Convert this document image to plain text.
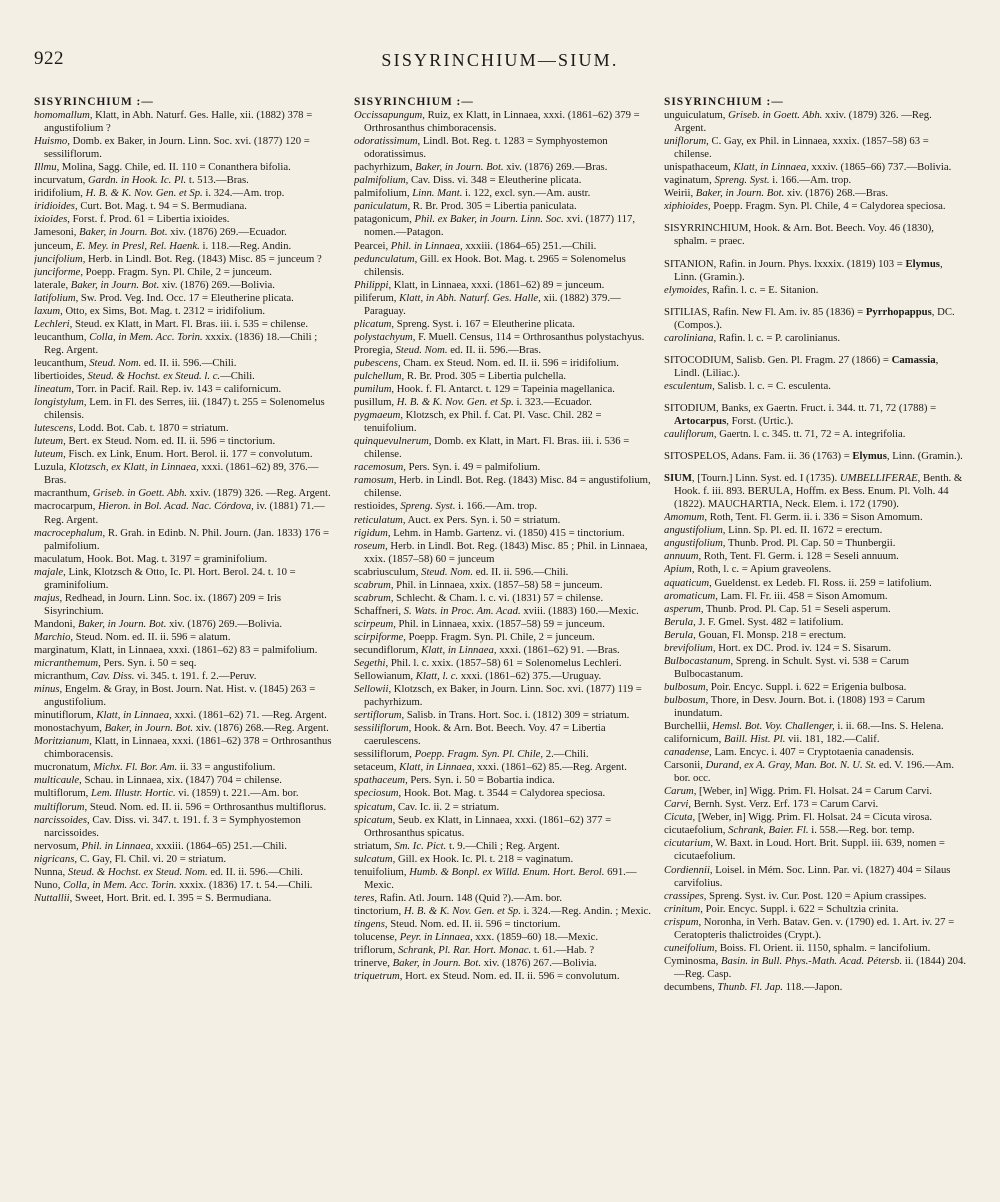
922	SISYRINCHIUM—SIUM.
SISYRINCHIUM :—
homomallum, Klatt, in Abh. Naturf. Ges. Halle, xii. (1882) 378 = angustifolium ?
Huismo, Domb. ex Baker, in Journ. Linn. Soc. xvi. (1877) 120 = sessiliflorum.
Illmu, Molina, Sagg. Chile, ed. II. 110 = Conanthera bifolia.
incurvatum, Gardn. in Hook. Ic. Pl. t. 513.—Bras.
iridifolium, H. B. & K. Nov. Gen. et Sp. i. 324.—Am. trop.
iridioides, Curt. Bot. Mag. t. 94 = S. Bermudiana.
ixioides, Forst. f. Prod. 61 = Libertia ixioides.
Jamesoni, Baker, in Journ. Bot. xiv. (1876) 269.—Ecuador.
junceum, E. Mey. in Presl, Rel. Haenk. i. 118.—Reg. Andin.
juncifolium, Herb. in Lindl. Bot. Reg. (1843) Misc. 85 = junceum ?
junciforme, Poepp. Fragm. Syn. Pl. Chile, 2 = junceum.
laterale, Baker, in Journ. Bot. xiv. (1876) 269.—Bolivia.
latifolium, Sw. Prod. Veg. Ind. Occ. 17 = Eleutherine plicata.
laxum, Otto, ex Sims, Bot. Mag. t. 2312 = iridifolium.
Lechleri, Steud. ex Klatt, in Mart. Fl. Bras. iii. i. 535 = chilense.
leucanthum, Colla, in Mem. Acc. Torin. xxxix. (1836) 18.—Chili ; Reg. Argent.
leucanthum, Steud. Nom. ed. II. ii. 596.—Chili.
libertioides, Steud. & Hochst. ex Steud. l. c.—Chili.
lineatum, Torr. in Pacif. Rail. Rep. iv. 143 = californicum.
longistylum, Lem. in Fl. des Serres, iii. (1847) t. 255 = Solenomelus chilensis.
lutescens, Lodd. Bot. Cab. t. 1870 = striatum.
luteum, Bert. ex Steud. Nom. ed. II. ii. 596 = tinctorium.
luteum, Fisch. ex Link, Enum. Hort. Berol. ii. 177 = convolutum.
Luzula, Klotzsch, ex Klatt, in Linnaea, xxxi. (1861–62) 89, 376.—Bras.
macranthum, Griseb. in Goett. Abh. xxiv. (1879) 326. —Reg. Argent.
macrocarpum, Hieron. in Bol. Acad. Nac. Córdova, iv. (1881) 71.—Reg. Argent.
macrocephalum, R. Grah. in Edinb. N. Phil. Journ. (Jan. 1833) 176 = palmifolium.
maculatum, Hook. Bot. Mag. t. 3197 = graminifolium.
majale, Link, Klotzsch & Otto, Ic. Pl. Hort. Berol. 24. t. 10 = graminifolium.
majus, Redhead, in Journ. Linn. Soc. ix. (1867) 209 = Iris Sisyrinchium.
Mandoni, Baker, in Journ. Bot. xiv. (1876) 269.—Bolivia.
Marchio, Steud. Nom. ed. II. ii. 596 = alatum.
marginatum, Klatt, in Linnaea, xxxi. (1861–62) 83 = palmifolium.
micranthemum, Pers. Syn. i. 50 = seq.
micranthum, Cav. Diss. vi. 345. t. 191. f. 2.—Peruv.
minus, Engelm. & Gray, in Bost. Journ. Nat. Hist. v. (1845) 263 = angustifolium.
minutiflorum, Klatt, in Linnaea, xxxi. (1861–62) 71. —Reg. Argent.
monostachyum, Baker, in Journ. Bot. xiv. (1876) 268.—Reg. Argent.
Moritzianum, Klatt, in Linnaea, xxxi. (1861–62) 378 = Orthrosanthus chimboracensis.
mucronatum, Michx. Fl. Bor. Am. ii. 33 = angustifolium.
multicaule, Schau. in Linnaea, xix. (1847) 704 = chilense.
multiflorum, Lem. Illustr. Hortic. vi. (1859) t. 221.—Am. bor.
multiflorum, Steud. Nom. ed. II. ii. 596 = Orthrosanthus multiflorus.
narcissoides, Cav. Diss. vi. 347. t. 191. f. 3 = Symphyostemon narcissoides.
nervosum, Phil. in Linnaea, xxxiii. (1864–65) 251.—Chili.
nigricans, C. Gay, Fl. Chil. vi. 20 = striatum.
Nunna, Steud. & Hochst. ex Steud. Nom. ed. II. ii. 596.—Chili.
Nuno, Colla, in Mem. Acc. Torin. xxxix. (1836) 17. t. 54.—Chili.
Nuttallii, Sweet, Hort. Brit. ed. I. 395 = S. Bermudiana.
SISYRINCHIUM :—
Occissapungum, Ruiz, ex Klatt, in Linnaea, xxxi. (1861–62) 379 = Orthrosanthus chimboracensis.
odoratissimum, Lindl. Bot. Reg. t. 1283 = Symphyostemon odoratissimus.
pachyrhizum, Baker, in Journ. Bot. xiv. (1876) 269.—Bras.
palmifolium, Cav. Diss. vi. 348 = Eleutherine plicata.
palmifolium, Linn. Mant. i. 122, excl. syn.—Am. austr.
paniculatum, R. Br. Prod. 305 = Libertia paniculata.
patagonicum, Phil. ex Baker, in Journ. Linn. Soc. xvi. (1877) 117, nomen.—Patagon.
Pearcei, Phil. in Linnaea, xxxiii. (1864–65) 251.—Chili.
pedunculatum, Gill. ex Hook. Bot. Mag. t. 2965 = Solenomelus chilensis.
Philippi, Klatt, in Linnaea, xxxi. (1861–62) 89 = junceum.
piliferum, Klatt, in Abh. Naturf. Ges. Halle, xii. (1882) 379.—Paraguay.
plicatum, Spreng. Syst. i. 167 = Eleutherine plicata.
polystachyum, F. Muell. Census, 114 = Orthrosanthus polystachyus.
Proregia, Steud. Nom. ed. II. ii. 596.—Bras.
pubescens, Cham. ex Steud. Nom. ed. II. ii. 596 = iridifolium.
pulchellum, R. Br. Prod. 305 = Libertia pulchella.
pumilum, Hook. f. Fl. Antarct. t. 129 = Tapeinia magellanica.
pusillum, H. B. & K. Nov. Gen. et Sp. i. 323.—Ecuador.
pygmaeum, Klotzsch, ex Phil. f. Cat. Pl. Vasc. Chil. 282 = tenuifolium.
quinquevulnerum, Domb. ex Klatt, in Mart. Fl. Bras. iii. i. 536 = chilense.
racemosum, Pers. Syn. i. 49 = palmifolium.
ramosum, Herb. in Lindl. Bot. Reg. (1843) Misc. 84 = angustifolium, chilense.
restioides, Spreng. Syst. i. 166.—Am. trop.
reticulatum, Auct. ex Pers. Syn. i. 50 = striatum.
rigidum, Lehm. in Hamb. Gartenz. vi. (1850) 415 = tinctorium.
roseum, Herb. in Lindl. Bot. Reg. (1843) Misc. 85 ; Phil. in Linnaea, xxix. (1857–58) 60 = junceum
scabriusculum, Steud. Nom. ed. II. ii. 596.—Chili.
scabrum, Phil. in Linnaea, xxix. (1857–58) 58 = junceum.
scabrum, Schlecht. & Cham. l. c. vi. (1831) 57 = chilense.
Schaffneri, S. Wats. in Proc. Am. Acad. xviii. (1883) 160.—Mexic.
scirpeum, Phil. in Linnaea, xxix. (1857–58) 59 = junceum.
scirpiforme, Poepp. Fragm. Syn. Pl. Chile, 2 = junceum.
secundiflorum, Klatt, in Linnaea, xxxi. (1861–62) 91. —Bras.
Segethi, Phil. l. c. xxix. (1857–58) 61 = Solenomelus Lechleri.
Sellowianum, Klatt, l. c. xxxi. (1861–62) 375.—Uruguay.
Sellowii, Klotzsch, ex Baker, in Journ. Linn. Soc. xvi. (1877) 119 = pachyrhizum.
sertiflorum, Salisb. in Trans. Hort. Soc. i. (1812) 309 = striatum.
sessiliflorum, Hook. & Arn. Bot. Beech. Voy. 47 = Libertia caerulescens.
sessiliflorum, Poepp. Fragm. Syn. Pl. Chile, 2.—Chili.
setaceum, Klatt, in Linnaea, xxxi. (1861–62) 85.—Reg. Argent.
spathaceum, Pers. Syn. i. 50 = Bobartia indica.
speciosum, Hook. Bot. Mag. t. 3544 = Calydorea speciosa.
spicatum, Cav. Ic. ii. 2 = striatum.
spicatum, Seub. ex Klatt, in Linnaea, xxxi. (1861–62) 377 = Orthrosanthus spicatus.
striatum, Sm. Ic. Pict. t. 9.—Chili ; Reg. Argent.
sulcatum, Gill. ex Hook. Ic. Pl. t. 218 = vaginatum.
tenuifolium, Humb. & Bonpl. ex Willd. Enum. Hort. Berol. 691.—Mexic.
teres, Rafin. Atl. Journ. 148 (Quid ?).—Am. bor.
tinctorium, H. B. & K. Nov. Gen. et Sp. i. 324.—Reg. Andin. ; Mexic.
tingens, Steud. Nom. ed. II. ii. 596 = tinctorium.
tolucense, Peyr. in Linnaea, xxx. (1859–60) 18.—Mexic.
triflorum, Schrank, Pl. Rar. Hort. Monac. t. 61.—Hab. ?
trinerve, Baker, in Journ. Bot. xiv. (1876) 267.—Bolivia.
triquetrum, Hort. ex Steud. Nom. ed. II. ii. 596 = convolutum.
SISYRINCHIUM :—
unguiculatum, Griseb. in Goett. Abh. xxiv. (1879) 326. —Reg. Argent.
uniflorum, C. Gay, ex Phil. in Linnaea, xxxix. (1857–58) 63 = chilense.
unispathaceum, Klatt, in Linnaea, xxxiv. (1865–66) 737.—Bolivia.
vaginatum, Spreng. Syst. i. 166.—Am. trop.
Weirii, Baker, in Journ. Bot. xiv. (1876) 268.—Bras.
xiphioides, Poepp. Fragm. Syn. Pl. Chile, 4 = Calydorea speciosa.
SISYRRINCHIUM, Hook. & Arn. Bot. Beech. Voy. 46 (1830), sphalm. = praec.
SITANION, Rafin. in Journ. Phys. lxxxix. (1819) 103 = Elymus, Linn. (Gramin.).
elymoides, Rafin. l. c. = E. Sitanion.
SITILIAS, Rafin. New Fl. Am. iv. 85 (1836) = Pyrrhopappus, DC. (Compos.).
caroliniana, Rafin. l. c. = P. carolinianus.
SITOCODIUM, Salisb. Gen. Pl. Fragm. 27 (1866) = Camassia, Lindl. (Liliac.).
esculentum, Salisb. l. c. = C. esculenta.
SITODIUM, Banks, ex Gaertn. Fruct. i. 344. tt. 71, 72 (1788) = Artocarpus, Forst. (Urtic.).
cauliflorum, Gaertn. l. c. 345. tt. 71, 72 = A. integrifolia.
SITOSPELOS, Adans. Fam. ii. 36 (1763) = Elymus, Linn. (Gramin.).
SIUM, [Tourn.] Linn. Syst. ed. I (1735). UMBELLIFERAE, Benth. & Hook. f. iii. 893. BERULA, Hoffm. ex Bess. Enum. Pl. Volh. 44 (1822). MAUCHARTIA, Neck. Elem. i. 172 (1790).
Amomum, Roth, Tent. Fl. Germ. ii. i. 336 = Sison Amomum.
angustifolium, Linn. Sp. Pl. ed. II. 1672 = erectum.
angustifolium, Thunb. Prod. Pl. Cap. 50 = Thunbergii.
annuum, Roth, Tent. Fl. Germ. i. 128 = Seseli annuum.
Apium, Roth, l. c. = Apium graveolens.
aquaticum, Gueldenst. ex Ledeb. Fl. Ross. ii. 259 = latifolium.
aromaticum, Lam. Fl. Fr. iii. 458 = Sison Amomum.
asperum, Thunb. Prod. Pl. Cap. 51 = Seseli asperum.
Berula, J. F. Gmel. Syst. 482 = latifolium.
Berula, Gouan, Fl. Monsp. 218 = erectum.
brevifolium, Hort. ex DC. Prod. iv. 124 = S. Sisarum.
Bulbocastanum, Spreng. in Schult. Syst. vi. 538 = Carum Bulbocastanum.
bulbosum, Poir. Encyc. Suppl. i. 622 = Erigenia bulbosa.
bulbosum, Thore, in Desv. Journ. Bot. i. (1808) 193 = Carum inundatum.
Burchellii, Hemsl. Bot. Voy. Challenger, i. ii. 68.—Ins. S. Helena.
californicum, Baill. Hist. Pl. vii. 181, 182.—Calif.
canadense, Lam. Encyc. i. 407 = Cryptotaenia canadensis.
Carsonii, Durand, ex A. Gray, Man. Bot. N. U. St. ed. V. 196.—Am. bor. occ.
Carum, [Weber, in] Wigg. Prim. Fl. Holsat. 24 = Carum Carvi.
Carvi, Bernh. Syst. Verz. Erf. 173 = Carum Carvi.
Cicuta, [Weber, in] Wigg. Prim. Fl. Holsat. 24 = Cicuta virosa.
cicutaefolium, Schrank, Baier. Fl. i. 558.—Reg. bor. temp.
cicutarium, W. Baxt. in Loud. Hort. Brit. Suppl. iii. 639, nomen = cicutaefolium.
Cordiennii, Loisel. in Mém. Soc. Linn. Par. vi. (1827) 404 = Silaus carvifolius.
crassipes, Spreng. Syst. iv. Cur. Post. 120 = Apium crassipes.
crinitum, Poir. Encyc. Suppl. i. 622 = Schultzia crinita.
crispum, Noronha, in Verh. Batav. Gen. v. (1790) ed. 1. Art. iv. 27 = Ceratopteris thalictroides (Crypt.).
cuneifolium, Boiss. Fl. Orient. ii. 1150, sphalm. = lancifolium.
Cyminosma, Basin. in Bull. Phys.-Math. Acad. Pétersb. ii. (1844) 204.—Reg. Casp.
decumbens, Thunb. Fl. Jap. 118.—Japon.
